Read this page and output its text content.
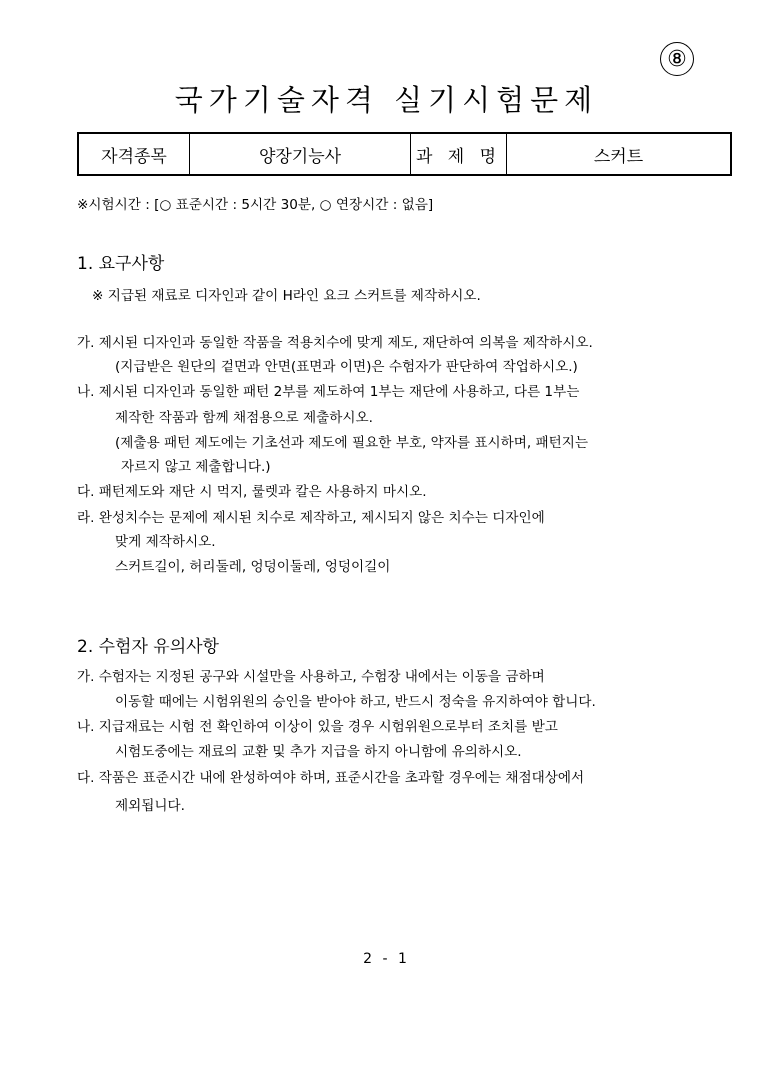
⑧
국가기술자격 실기시험문제
자격종목	양장기능사	과 제 명	스커트
※시험시간 : [○ 표준시간 : 5시간 30분, ○ 연장시간 : 없음]
1. 요구사항
※ 지급된 재료로 디자인과 같이 H라인 요크 스커트를 제작하시오.
가. 제시된 디자인과 동일한 작품을 적용치수에 맞게 제도, 재단하여 의복을 제작하시오.
(지급받은 원단의 겉면과 안면(표면과 이면)은 수험자가 판단하여 작업하시오.)
나. 제시된 디자인과 동일한 패턴 2부를 제도하여 1부는 재단에 사용하고, 다른 1부는
제작한 작품과 함께 채점용으로 제출하시오.
(제출용 패턴 제도에는 기초선과 제도에 필요한 부호, 약자를 표시하며, 패턴지는
자르지 않고 제출합니다.)
다. 패턴제도와 재단 시 먹지, 룰렛과 칼은 사용하지 마시오.
라. 완성치수는 문제에 제시된 치수로 제작하고, 제시되지 않은 치수는 디자인에
맞게 제작하시오.
스커트길이, 허리둘레, 엉덩이둘레, 엉덩이길이
2. 수험자 유의사항
가. 수험자는 지정된 공구와 시설만을 사용하고, 수험장 내에서는 이동을 금하며
이동할 때에는 시험위원의 승인을 받아야 하고, 반드시 정숙을 유지하여야 합니다.
나. 지급재료는 시험 전 확인하여 이상이 있을 경우 시험위원으로부터 조치를 받고
시험도중에는 재료의 교환 및 추가 지급을 하지 아니함에 유의하시오.
다. 작품은 표준시간 내에 완성하여야 하며, 표준시간을 초과할 경우에는 채점대상에서
제외됩니다.
2 - 1
